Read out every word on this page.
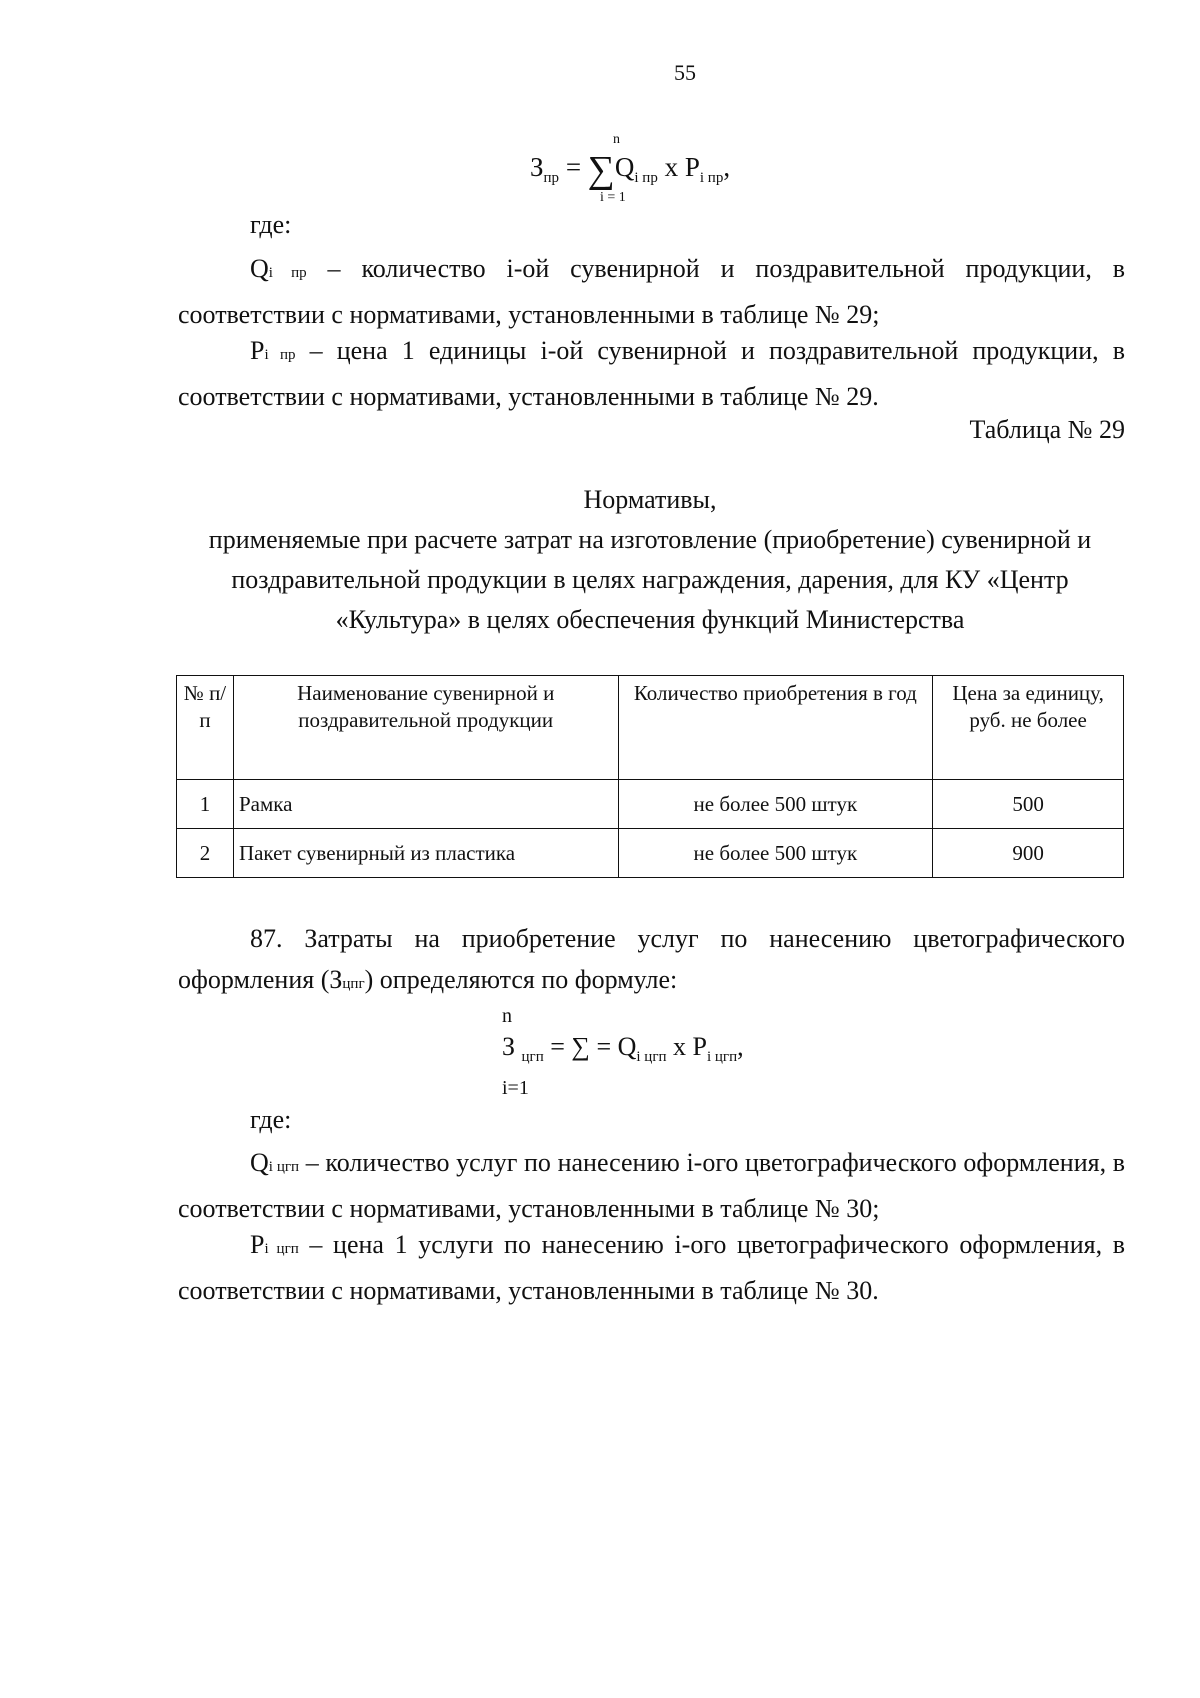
55
n
$З_{пр} = \sum Q_{i пр}$ x $P_{i пр}$,
i = 1
где:
Qi пр – количество i-ой сувенирной и поздравительной продукции, в соответствии с нормативами, установленными в таблице № 29;
Pi пр – цена 1 единицы i-ой сувенирной и поздравительной продукции, в соответствии с нормативами, установленными в таблице № 29.
Таблица № 29
Нормативы,
применяемые при расчете затрат на изготовление (приобретение) сувенирной и поздравительной продукции в целях награждения, дарения, для КУ «Центр «Культура» в целях обеспечения функций Министерства
№ п/п	Наименование сувенирной и поздравительной продукции	Количество приобретения в год	Цена за единицу, руб. не более
1	Рамка	не более 500 штук	500
2	Пакет сувенирный из пластика	не более 500 штук	900
87. Затраты на приобретение услуг по нанесению цветографического оформления (Зцпг) определяются по формуле:
n
З $_{цгп}$ = ∑ = $Q_{i цгп}$ x $P_{i цгп}$,
i=1
где:
Qi цгп – количество услуг по нанесению i-ого цветографического оформления, в соответствии с нормативами, установленными в таблице № 30;
Pi цгп – цена 1 услуги по нанесению i-ого цветографического оформления, в соответствии с нормативами, установленными в таблице № 30.
